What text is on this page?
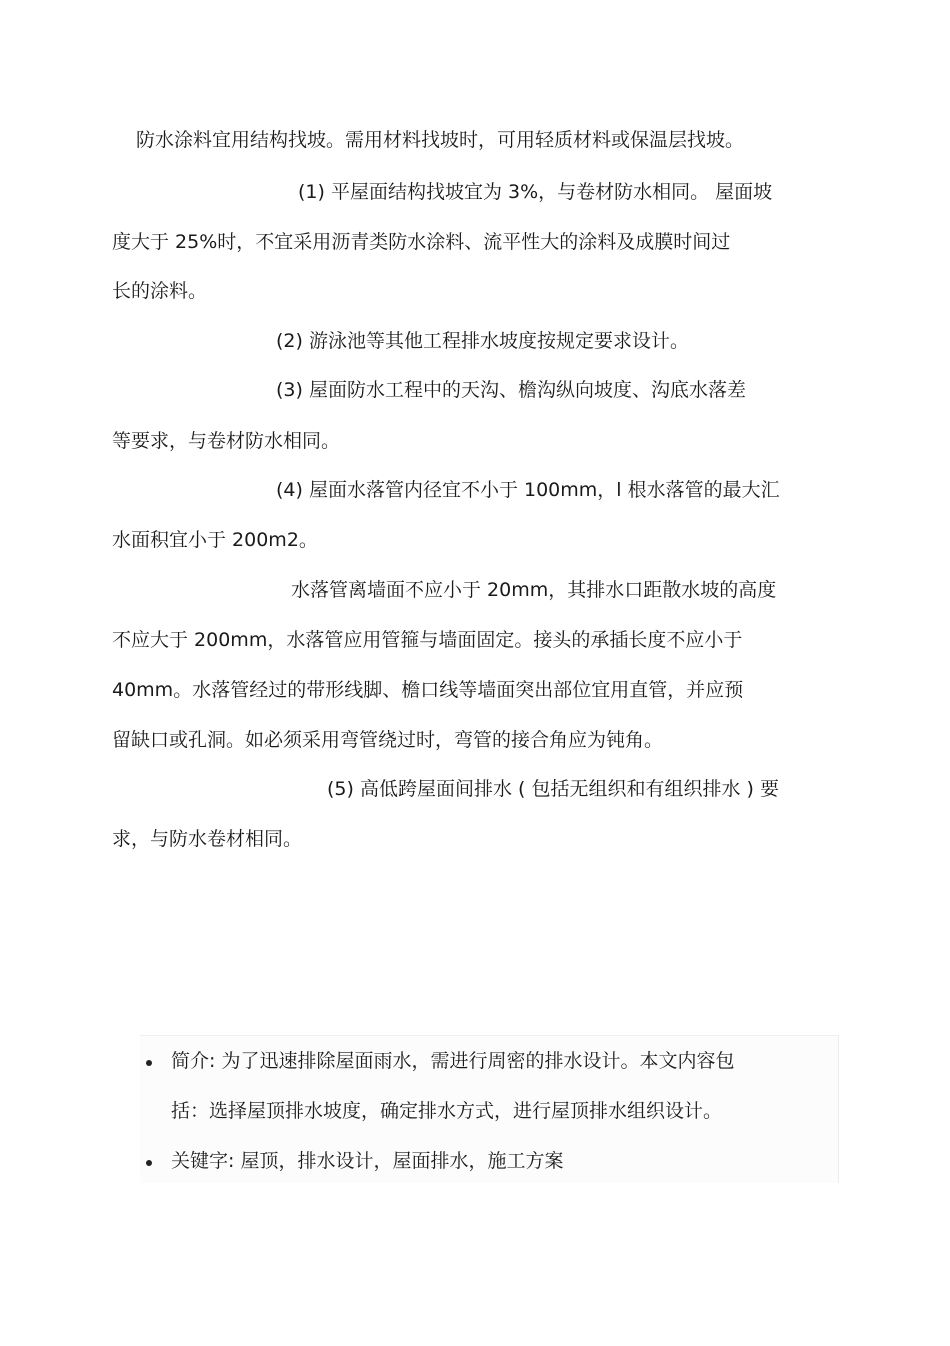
防水涂料宜用结构找坡。需用材料找坡时，可用轻质材料或保温层找坡。

(1) 平屋面结构找坡宜为 3%，与卷材防水相同。 屋面坡

度大于 25%时，不宜采用沥青类防水涂料、流平性大的涂料及成膜时间过

长的涂料。

(2) 游泳池等其他工程排水坡度按规定要求设计。

(3) 屋面防水工程中的天沟、檐沟纵向坡度、沟底水落差

等要求，与卷材防水相同。

(4) 屋面水落管内径宜不小于 100mm，l 根水落管的最大汇

水面积宜小于 200m2。

水落管离墙面不应小于 20mm，其排水口距散水坡的高度

不应大于 200mm，水落管应用管箍与墙面固定。接头的承插长度不应小于

40mm。水落管经过的带形线脚、檐口线等墙面突出部位宜用直管，并应预

留缺口或孔洞。如必须采用弯管绕过时，弯管的接合角应为钝角。

(5) 高低跨屋面间排水 ( 包括无组织和有组织排水 ) 要

求，与防水卷材相同。

简介: 为了迅速排除屋面雨水，需进行周密的排水设计。本文内容包

括：选择屋顶排水坡度，确定排水方式，进行屋顶排水组织设计。

关键字: 屋顶，排水设计，屋面排水，施工方案
